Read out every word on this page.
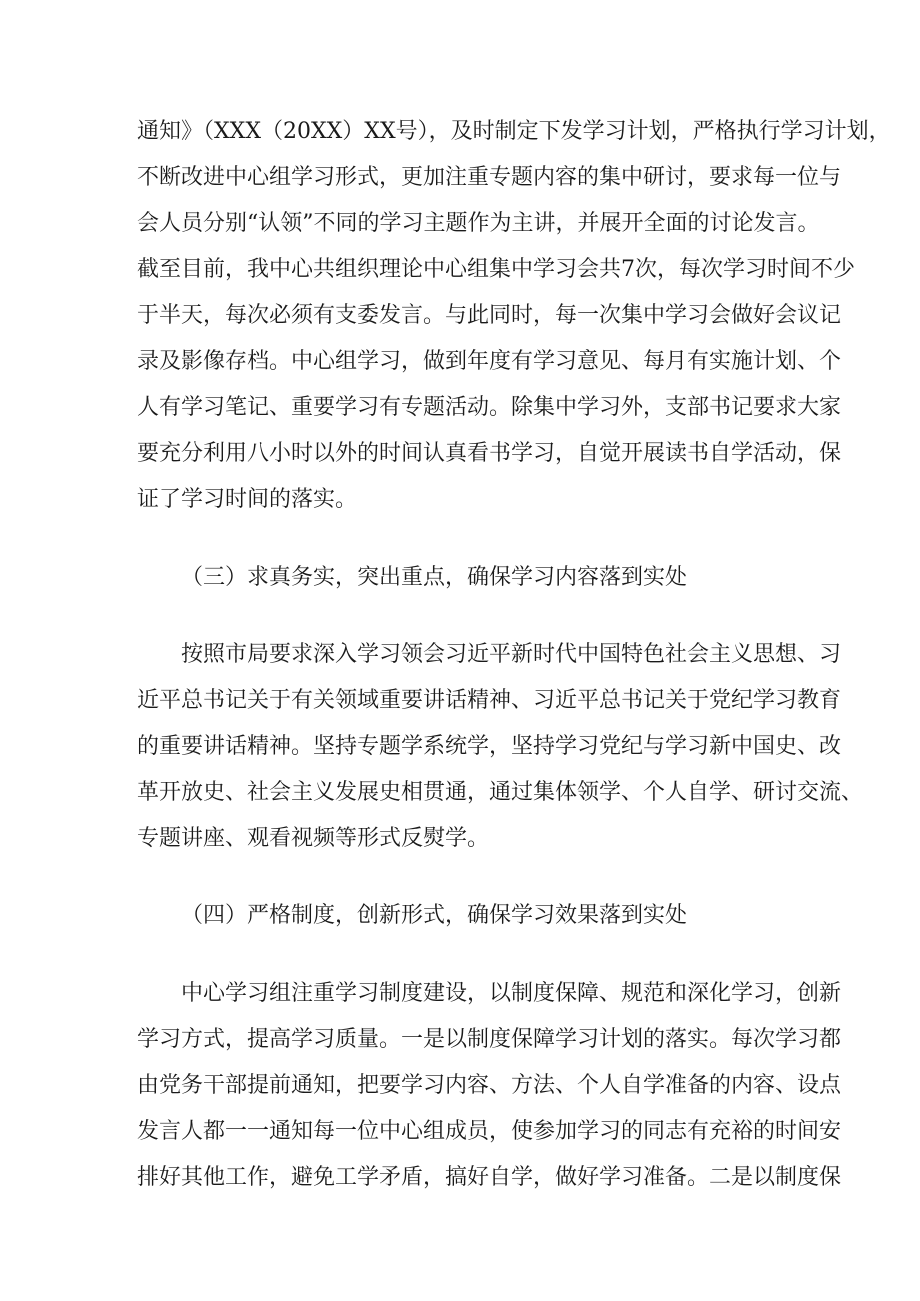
通知》（XXX（20XX）XX号），及时制定下发学习计划，严格执行学习计划，
不断改进中心组学习形式，更加注重专题内容的集中研讨，要求每一位与
会人员分别“认领”不同的学习主题作为主讲，并展开全面的讨论发言。
截至目前，我中心共组织理论中心组集中学习会共7次，每次学习时间不少
于半天，每次必须有支委发言。与此同时，每一次集中学习会做好会议记
录及影像存档。中心组学习，做到年度有学习意见、每月有实施计划、个
人有学习笔记、重要学习有专题活动。除集中学习外，支部书记要求大家
要充分利用八小时以外的时间认真看书学习，自觉开展读书自学活动，保
证了学习时间的落实。
（三）求真务实，突出重点，确保学习内容落到实处
按照市局要求深入学习领会习近平新时代中国特色社会主义思想、习
近平总书记关于有关领域重要讲话精神、习近平总书记关于党纪学习教育
的重要讲话精神。坚持专题学系统学，坚持学习党纪与学习新中国史、改
革开放史、社会主义发展史相贯通，通过集体领学、个人自学、研讨交流、
专题讲座、观看视频等形式反熨学。
（四）严格制度，创新形式，确保学习效果落到实处
中心学习组注重学习制度建设，以制度保障、规范和深化学习，创新
学习方式，提高学习质量。一是以制度保障学习计划的落实。每次学习都
由党务干部提前通知，把要学习内容、方法、个人自学准备的内容、设点
发言人都一一通知每一位中心组成员，使参加学习的同志有充裕的时间安
排好其他工作，避免工学矛盾，搞好自学，做好学习准备。二是以制度保
